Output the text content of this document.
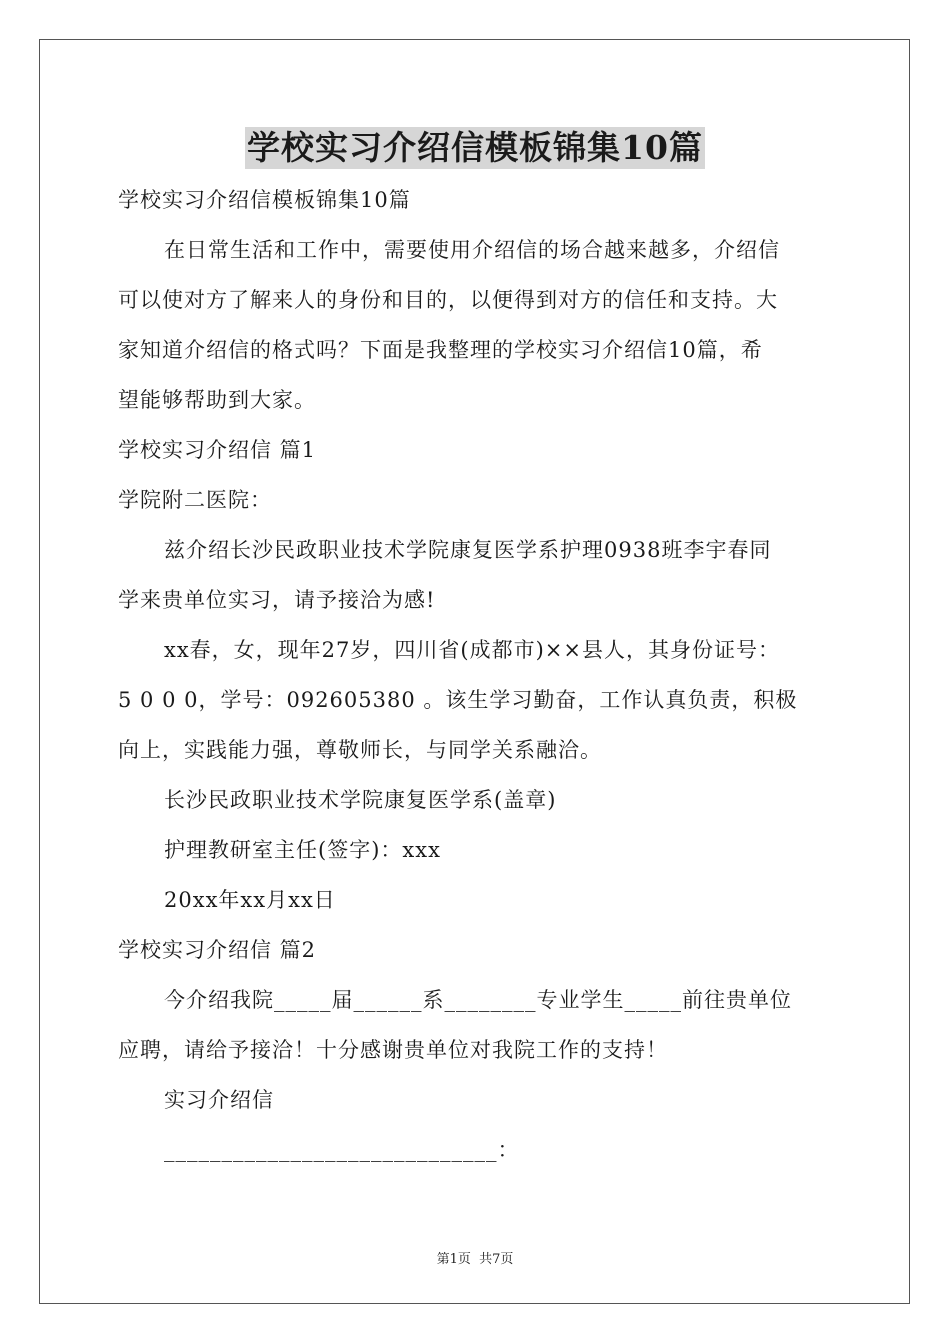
学校实习介绍信模板锦集10篇
学校实习介绍信模板锦集10篇
在日常生活和工作中，需要使用介绍信的场合越来越多，介绍信
可以使对方了解来人的身份和目的，以便得到对方的信任和支持。大
家知道介绍信的格式吗？下面是我整理的学校实习介绍信10篇，希
望能够帮助到大家。
学校实习介绍信 篇1
学院附二医院：
兹介绍长沙民政职业技术学院康复医学系护理0938班李宇春同
学来贵单位实习，请予接洽为感!
xx春，女，现年27岁，四川省(成都市)××县人，其身份证号：
5 0 0 0，学号：092605380 。该生学习勤奋，工作认真负责，积极
向上，实践能力强，尊敬师长，与同学关系融洽。
长沙民政职业技术学院康复医学系(盖章)
护理教研室主任(签字)：xxx
20xx年xx月xx日
学校实习介绍信 篇2
今介绍我院_____届______系________专业学生_____前往贵单位
应聘，请给予接洽！十分感谢贵单位对我院工作的支持！
实习介绍信
_____________________________：
第1页 共7页
